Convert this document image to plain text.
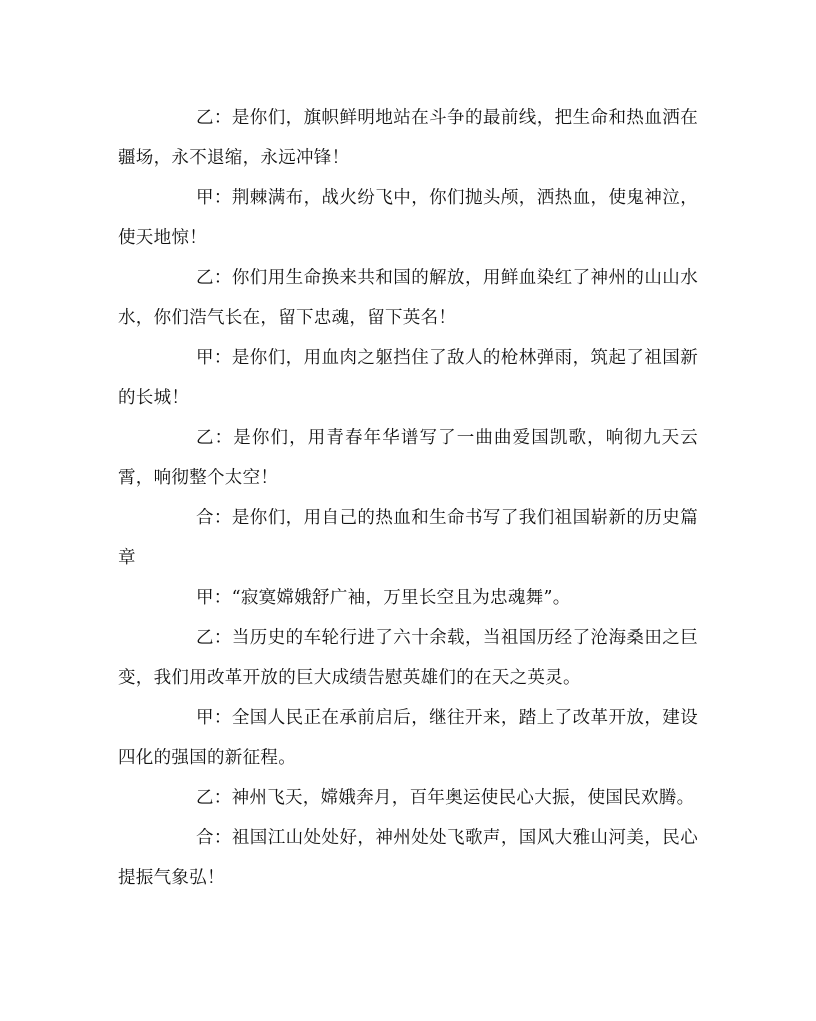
乙：是你们，旗帜鲜明地站在斗争的最前线，把生命和热血洒在疆场，永不退缩，永远冲锋！

甲：荆棘满布，战火纷飞中，你们抛头颅，洒热血，使鬼神泣，使天地惊！

乙：你们用生命换来共和国的解放，用鲜血染红了神州的山山水水，你们浩气长在，留下忠魂，留下英名！

甲：是你们，用血肉之躯挡住了敌人的枪林弹雨，筑起了祖国新的长城！

乙：是你们，用青春年华谱写了一曲曲爱国凯歌，响彻九天云霄，响彻整个太空！

合：是你们，用自己的热血和生命书写了我们祖国崭新的历史篇章

甲：“寂寞嫦娥舒广袖，万里长空且为忠魂舞”。

乙：当历史的车轮行进了六十余载，当祖国历经了沧海桑田之巨变，我们用改革开放的巨大成绩告慰英雄们的在天之英灵。

甲：全国人民正在承前启后，继往开来，踏上了改革开放，建设四化的强国的新征程。

乙：神州飞天，嫦娥奔月，百年奥运使民心大振，使国民欢腾。

合：祖国江山处处好，神州处处飞歌声，国风大雅山河美，民心提振气象弘！
